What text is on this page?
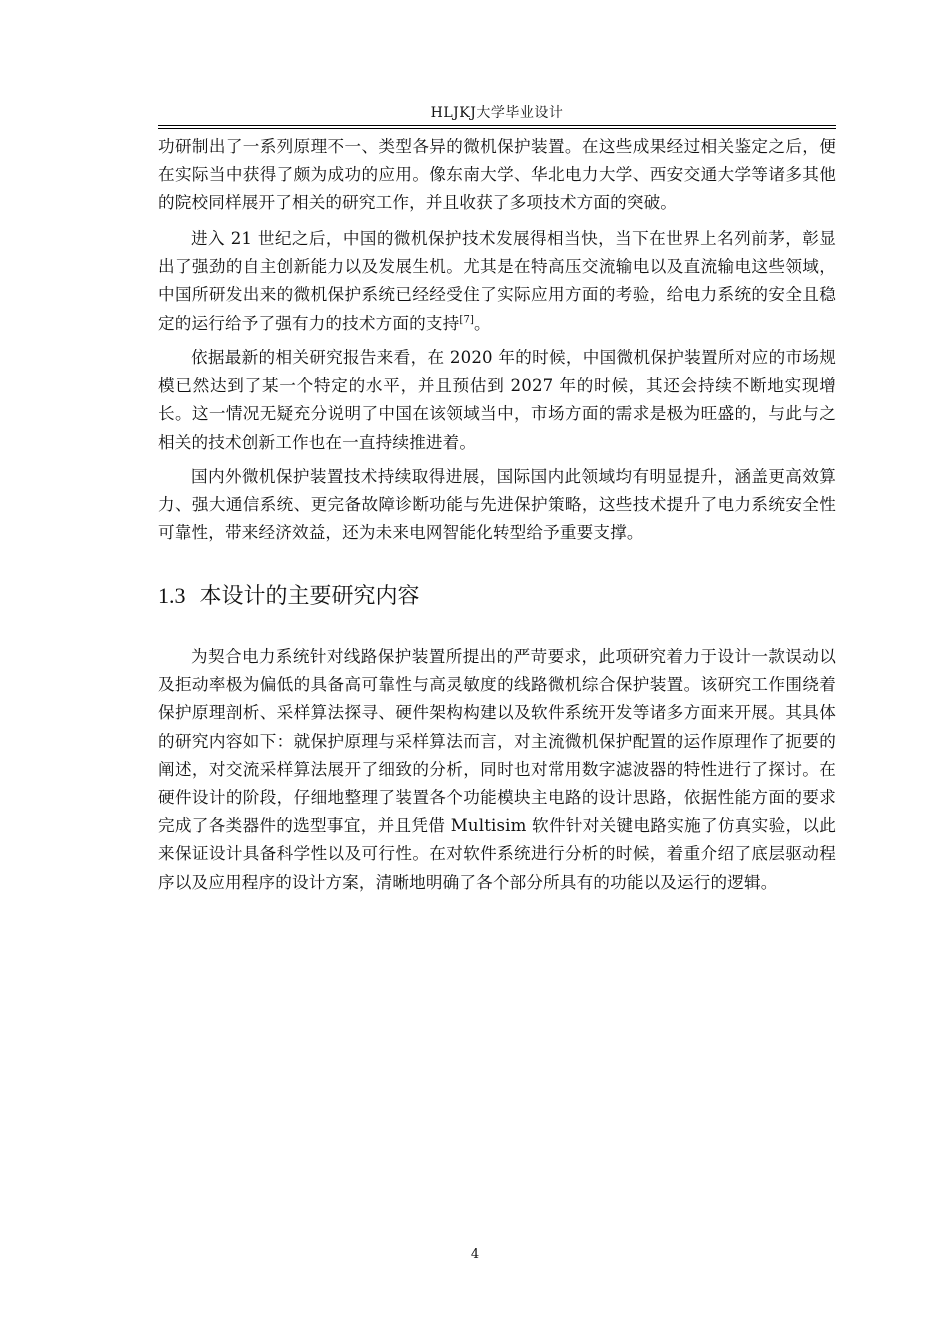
HLJKJ大学毕业设计

功研制出了一系列原理不一、类型各异的微机保护装置。在这些成果经过相关鉴定之后，便在实际当中获得了颇为成功的应用。像东南大学、华北电力大学、西安交通大学等诸多其他的院校同样展开了相关的研究工作，并且收获了多项技术方面的突破。

进入 21 世纪之后，中国的微机保护技术发展得相当快，当下在世界上名列前茅，彰显出了强劲的自主创新能力以及发展生机。尤其是在特高压交流输电以及直流输电这些领域，中国所研发出来的微机保护系统已经经受住了实际应用方面的考验，给电力系统的安全且稳定的运行给予了强有力的技术方面的支持[7]。

依据最新的相关研究报告来看，在 2020 年的时候，中国微机保护装置所对应的市场规模已然达到了某一个特定的水平，并且预估到 2027 年的时候，其还会持续不断地实现增长。这一情况无疑充分说明了中国在该领域当中，市场方面的需求是极为旺盛的，与此与之相关的技术创新工作也在一直持续推进着。

国内外微机保护装置技术持续取得进展，国际国内此领域均有明显提升，涵盖更高效算力、强大通信系统、更完备故障诊断功能与先进保护策略，这些技术提升了电力系统安全性可靠性，带来经济效益，还为未来电网智能化转型给予重要支撑。

1.3 本设计的主要研究内容

为契合电力系统针对线路保护装置所提出的严苛要求，此项研究着力于设计一款误动以及拒动率极为偏低的具备高可靠性与高灵敏度的线路微机综合保护装置。该研究工作围绕着保护原理剖析、采样算法探寻、硬件架构构建以及软件系统开发等诸多方面来开展。其具体的研究内容如下：就保护原理与采样算法而言，对主流微机保护配置的运作原理作了扼要的阐述，对交流采样算法展开了细致的分析，同时也对常用数字滤波器的特性进行了探讨。在硬件设计的阶段，仔细地整理了装置各个功能模块主电路的设计思路，依据性能方面的要求完成了各类器件的选型事宜，并且凭借 Multisim 软件针对关键电路实施了仿真实验，以此来保证设计具备科学性以及可行性。在对软件系统进行分析的时候，着重介绍了底层驱动程序以及应用程序的设计方案，清晰地明确了各个部分所具有的功能以及运行的逻辑。

4
